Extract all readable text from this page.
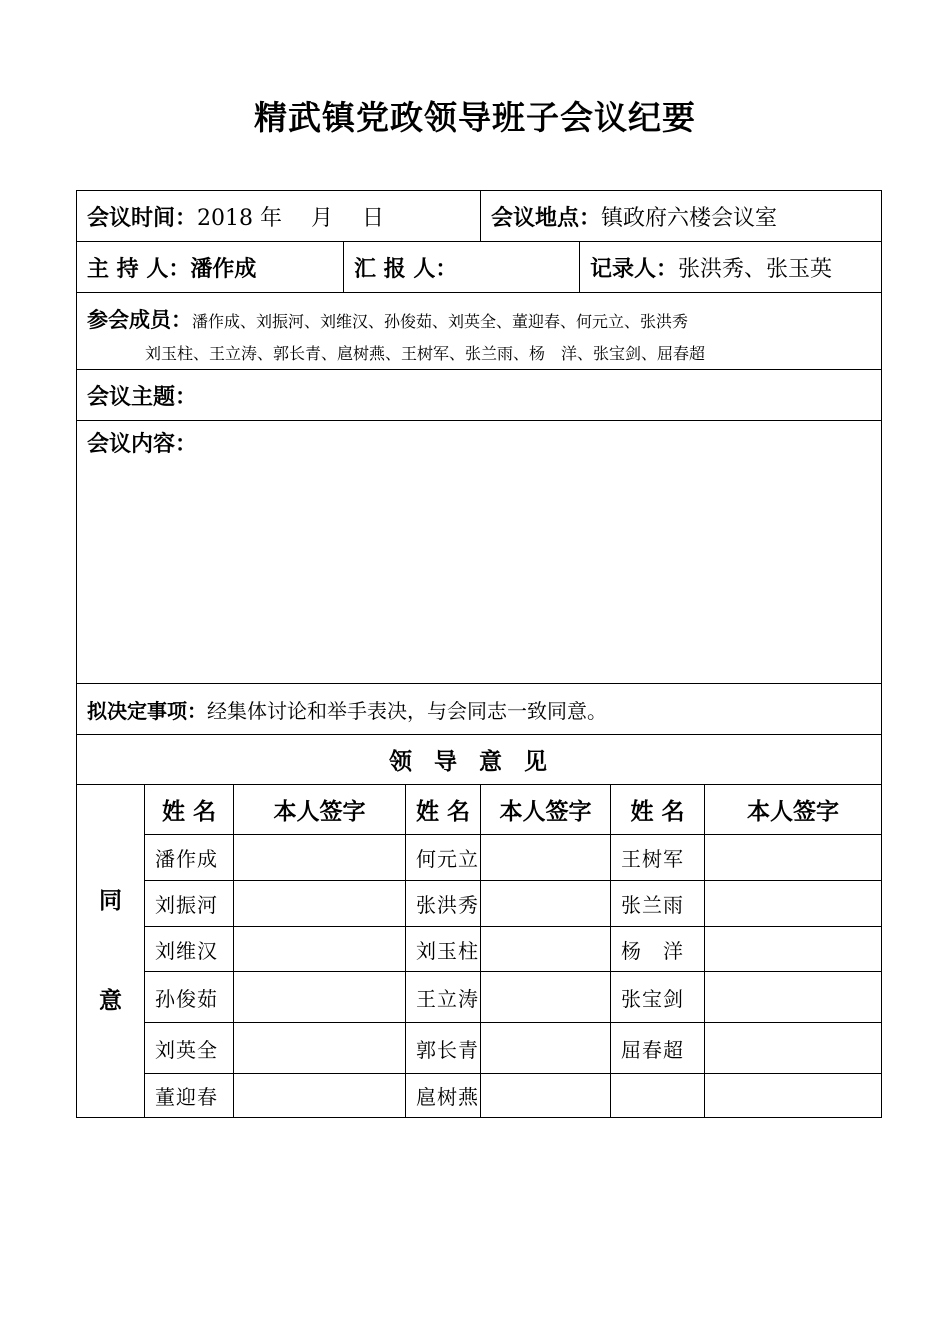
精武镇党政领导班子会议纪要
会议时间：2018 年　 月　 日					会议地点：镇政府六楼会议室			

主 持 人：潘作成			汇 报 人：			记录人：张洪秀、张玉英		

参会成员：潘作成、刘振河、刘维汉、孙俊茹、刘英全、董迎春、何元立、张洪秀
刘玉柱、王立涛、郭长青、扈树燕、王树军、张兰雨、杨　洋、张宝剑、屈春超								

会议主题：								

会议内容：								

拟决定事项：经集体讨论和举手表决，与会同志一致同意。								

领导意见								

同
意	姓 名	本人签字		姓 名	本人签字		姓 名	本人签字
	潘作成			何元立			王树军	
	刘振河			张洪秀			张兰雨	
	刘维汉			刘玉柱			杨　洋	
	孙俊茹			王立涛			张宝剑	
	刘英全			郭长青			屈春超	
	董迎春			扈树燕				
